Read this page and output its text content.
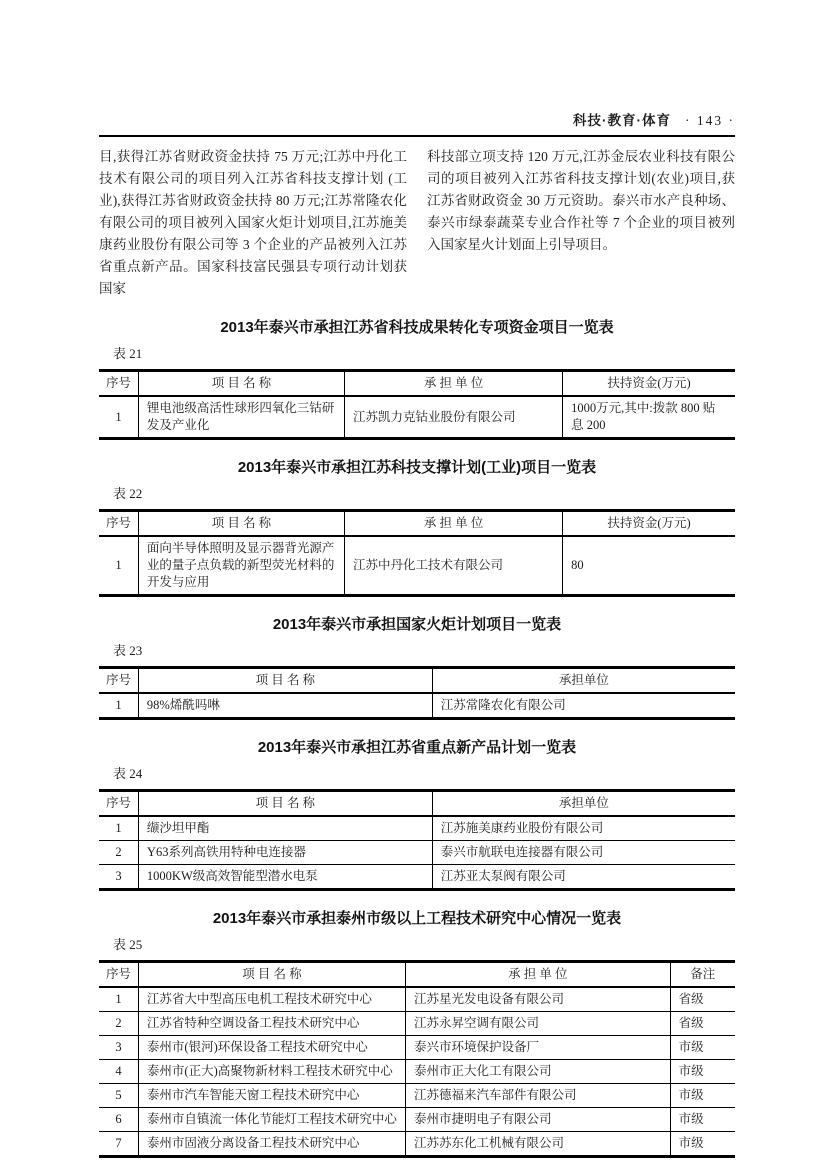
科技·教育·体育 · 143 ·

目,获得江苏省财政资金扶持 75 万元;江苏中丹化工技术有限公司的项目列入江苏省科技支撑计划 (工业),获得江苏省财政资金扶持 80 万元;江苏常隆农化有限公司的项目被列入国家火炬计划项目,江苏施美康药业股份有限公司等 3 个企业的产品被列入江苏省重点新产品。国家科技富民强县专项行动计划获国家

科技部立项支持 120 万元,江苏金辰农业科技有限公司的项目被列入江苏省科技支撑计划(农业)项目,获江苏省财政资金 30 万元资助。泰兴市水产良种场、泰兴市绿泰蔬菜专业合作社等 7 个企业的项目被列入国家星火计划面上引导项目。

2013年泰兴市承担江苏省科技成果转化专项资金项目一览表
表 21
序号	项 目 名 称	承 担 单 位	扶持资金(万元)
1	锂电池级高活性球形四氧化三钴研发及产业化	江苏凯力克钴业股份有限公司	1000万元,其中:拨款 800 贴息 200
2013年泰兴市承担江苏科技支撑计划(工业)项目一览表
表 22
序号	项 目 名 称	承 担 单 位	扶持资金(万元)
1	面向半导体照明及显示器背光源产业的量子点负载的新型荧光材料的开发与应用	江苏中丹化工技术有限公司	80
2013年泰兴市承担国家火炬计划项目一览表
表 23
序号	项 目 名 称	承担单位
1	98%烯酰吗啉	江苏常隆农化有限公司
2013年泰兴市承担江苏省重点新产品计划一览表
表 24
序号	项 目 名 称	承担单位
1	缬沙坦甲酯	江苏施美康药业股份有限公司
2	Y63系列高铁用特种电连接器	泰兴市航联电连接器有限公司
3	1000KW级高效智能型潜水电泵	江苏亚太泵阀有限公司
2013年泰兴市承担泰州市级以上工程技术研究中心情况一览表
表 25
序号	项 目 名 称	承 担 单 位	备注
1	江苏省大中型高压电机工程技术研究中心	江苏星光发电设备有限公司	省级
2	江苏省特种空调设备工程技术研究中心	江苏永昇空调有限公司	省级
3	泰州市(银河)环保设备工程技术研究中心	泰兴市环境保护设备厂	市级
4	泰州市(正大)高聚物新材料工程技术研究中心	泰州市正大化工有限公司	市级
5	泰州市汽车智能天窗工程技术研究中心	江苏德福来汽车部件有限公司	市级
6	泰州市自镇流一体化节能灯工程技术研究中心	泰州市捷明电子有限公司	市级
7	泰州市固液分离设备工程技术研究中心	江苏苏东化工机械有限公司	市级
